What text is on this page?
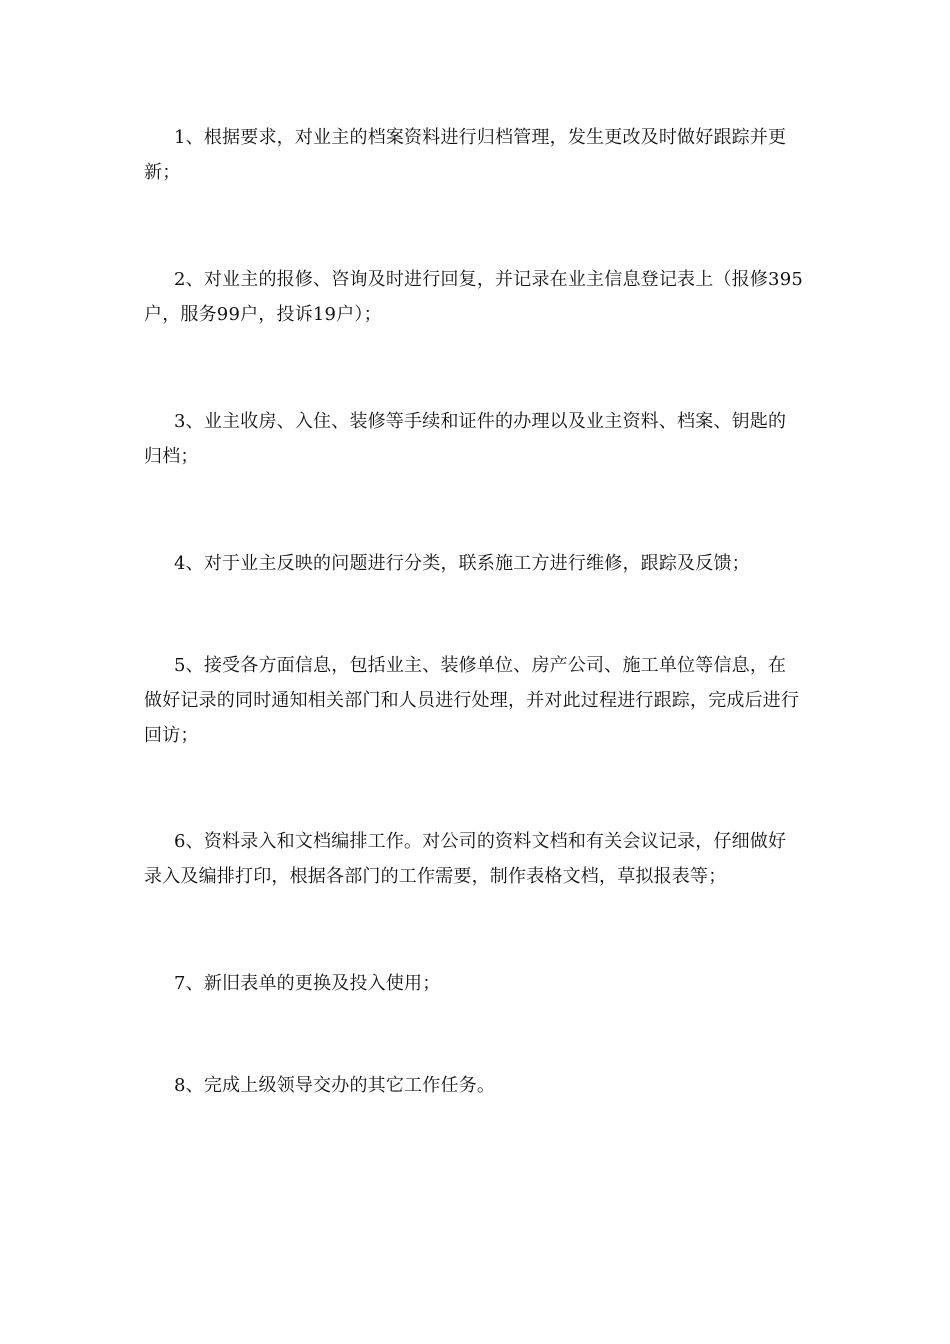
1、根据要求，对业主的档案资料进行归档管理，发生更改及时做好跟踪并更新；

2、对业主的报修、咨询及时进行回复，并记录在业主信息登记表上（报修395户，服务99户，投诉19户）；

3、业主收房、入住、装修等手续和证件的办理以及业主资料、档案、钥匙的归档；

4、对于业主反映的问题进行分类，联系施工方进行维修，跟踪及反馈；

5、接受各方面信息，包括业主、装修单位、房产公司、施工单位等信息，在做好记录的同时通知相关部门和人员进行处理，并对此过程进行跟踪，完成后进行回访；

6、资料录入和文档编排工作。对公司的资料文档和有关会议记录，仔细做好录入及编排打印，根据各部门的工作需要，制作表格文档，草拟报表等；

7、新旧表单的更换及投入使用；

8、完成上级领导交办的其它工作任务。
